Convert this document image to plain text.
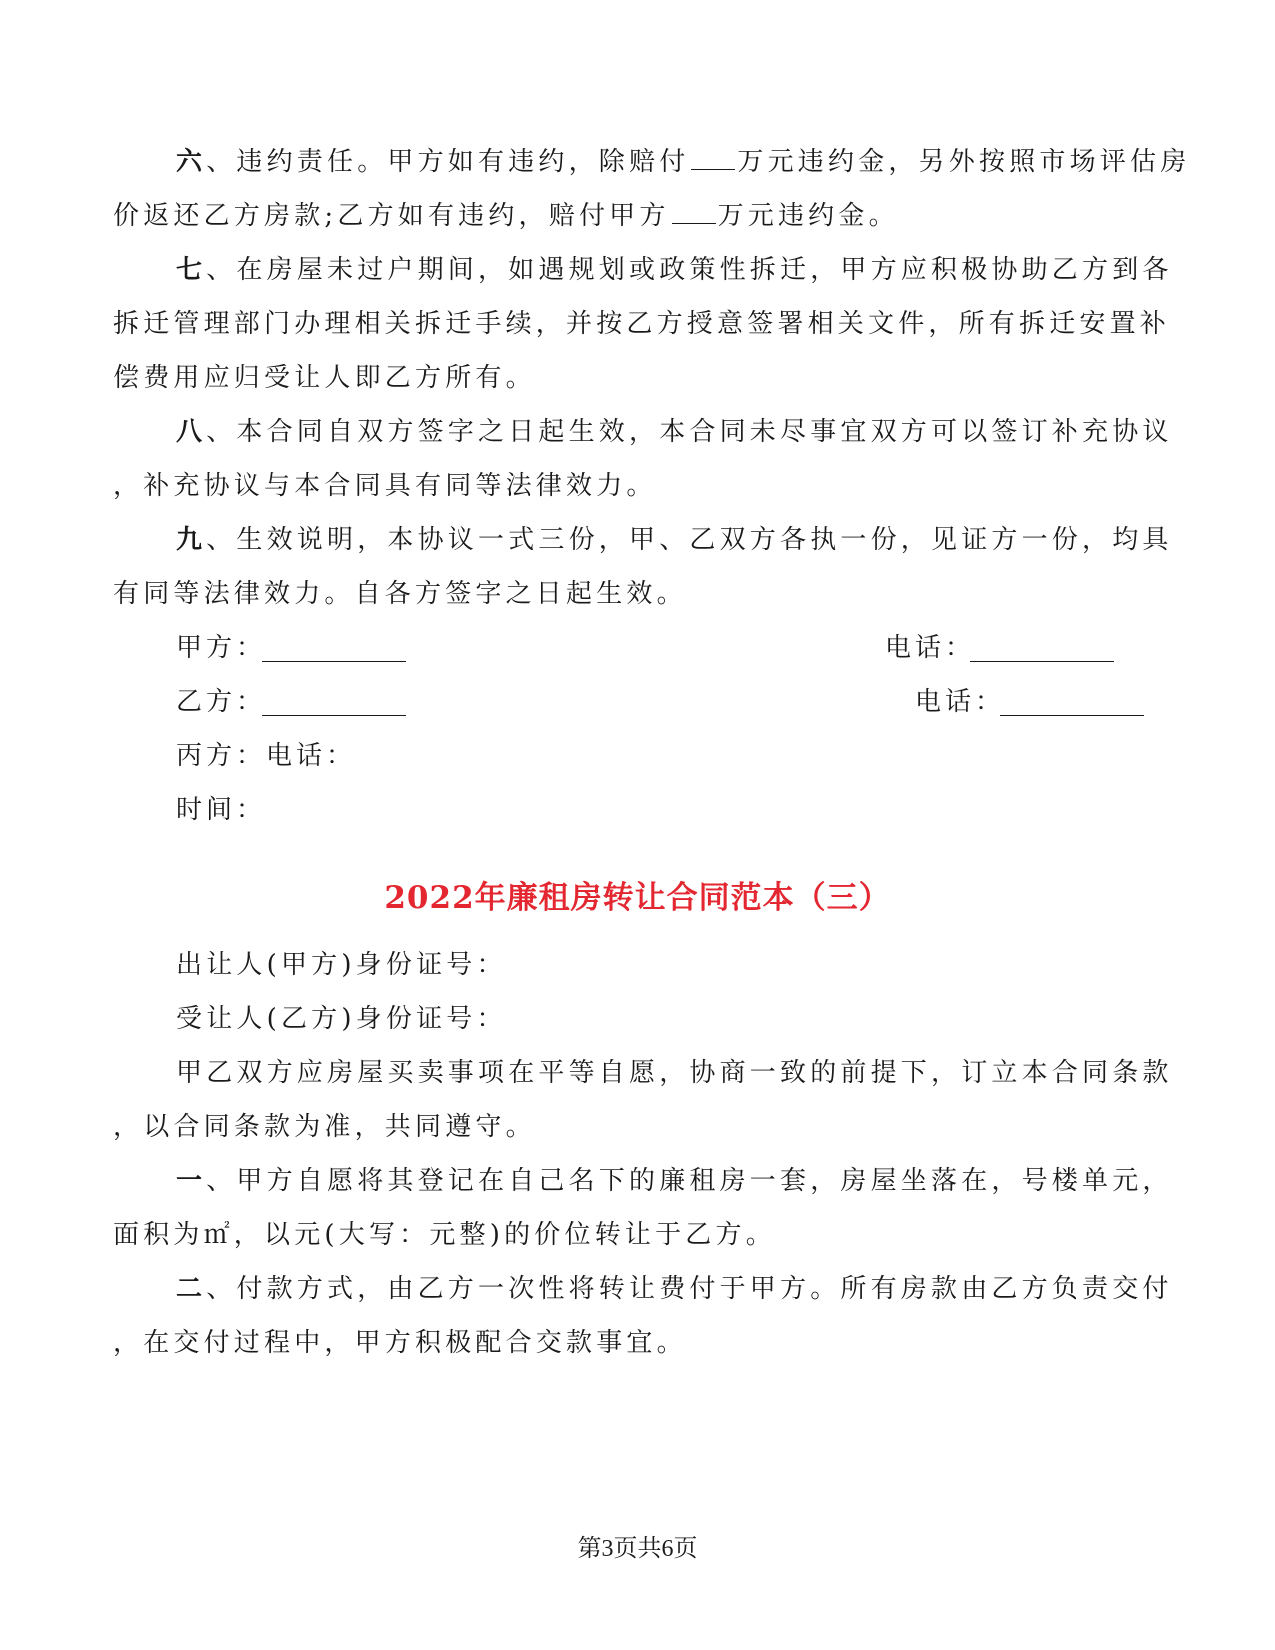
六、违约责任。甲方如有违约，除赔付 万元违约金，另外按照市场评估房
价返还乙方房款;乙方如有违约，赔付甲方 万元违约金。
七、在房屋未过户期间，如遇规划或政策性拆迁，甲方应积极协助乙方到各
拆迁管理部门办理相关拆迁手续，并按乙方授意签署相关文件，所有拆迁安置补
偿费用应归受让人即乙方所有。
八、本合同自双方签字之日起生效，本合同未尽事宜双方可以签订补充协议
，补充协议与本合同具有同等法律效力。
九、生效说明，本协议一式三份，甲、乙双方各执一份，见证方一份，均具
有同等法律效力。自各方签字之日起生效。
甲方：	电话：
乙方：	电话：
丙方：电话：
时间：
2022年廉租房转让合同范本（三）
出让人(甲方)身份证号：
受让人(乙方)身份证号：
甲乙双方应房屋买卖事项在平等自愿，协商一致的前提下，订立本合同条款
，以合同条款为准，共同遵守。
一、甲方自愿将其登记在自己名下的廉租房一套，房屋坐落在，号楼单元，
面积为㎡，以元(大写：元整)的价位转让于乙方。
二、付款方式，由乙方一次性将转让费付于甲方。所有房款由乙方负责交付
，在交付过程中，甲方积极配合交款事宜。
第3页共6页
